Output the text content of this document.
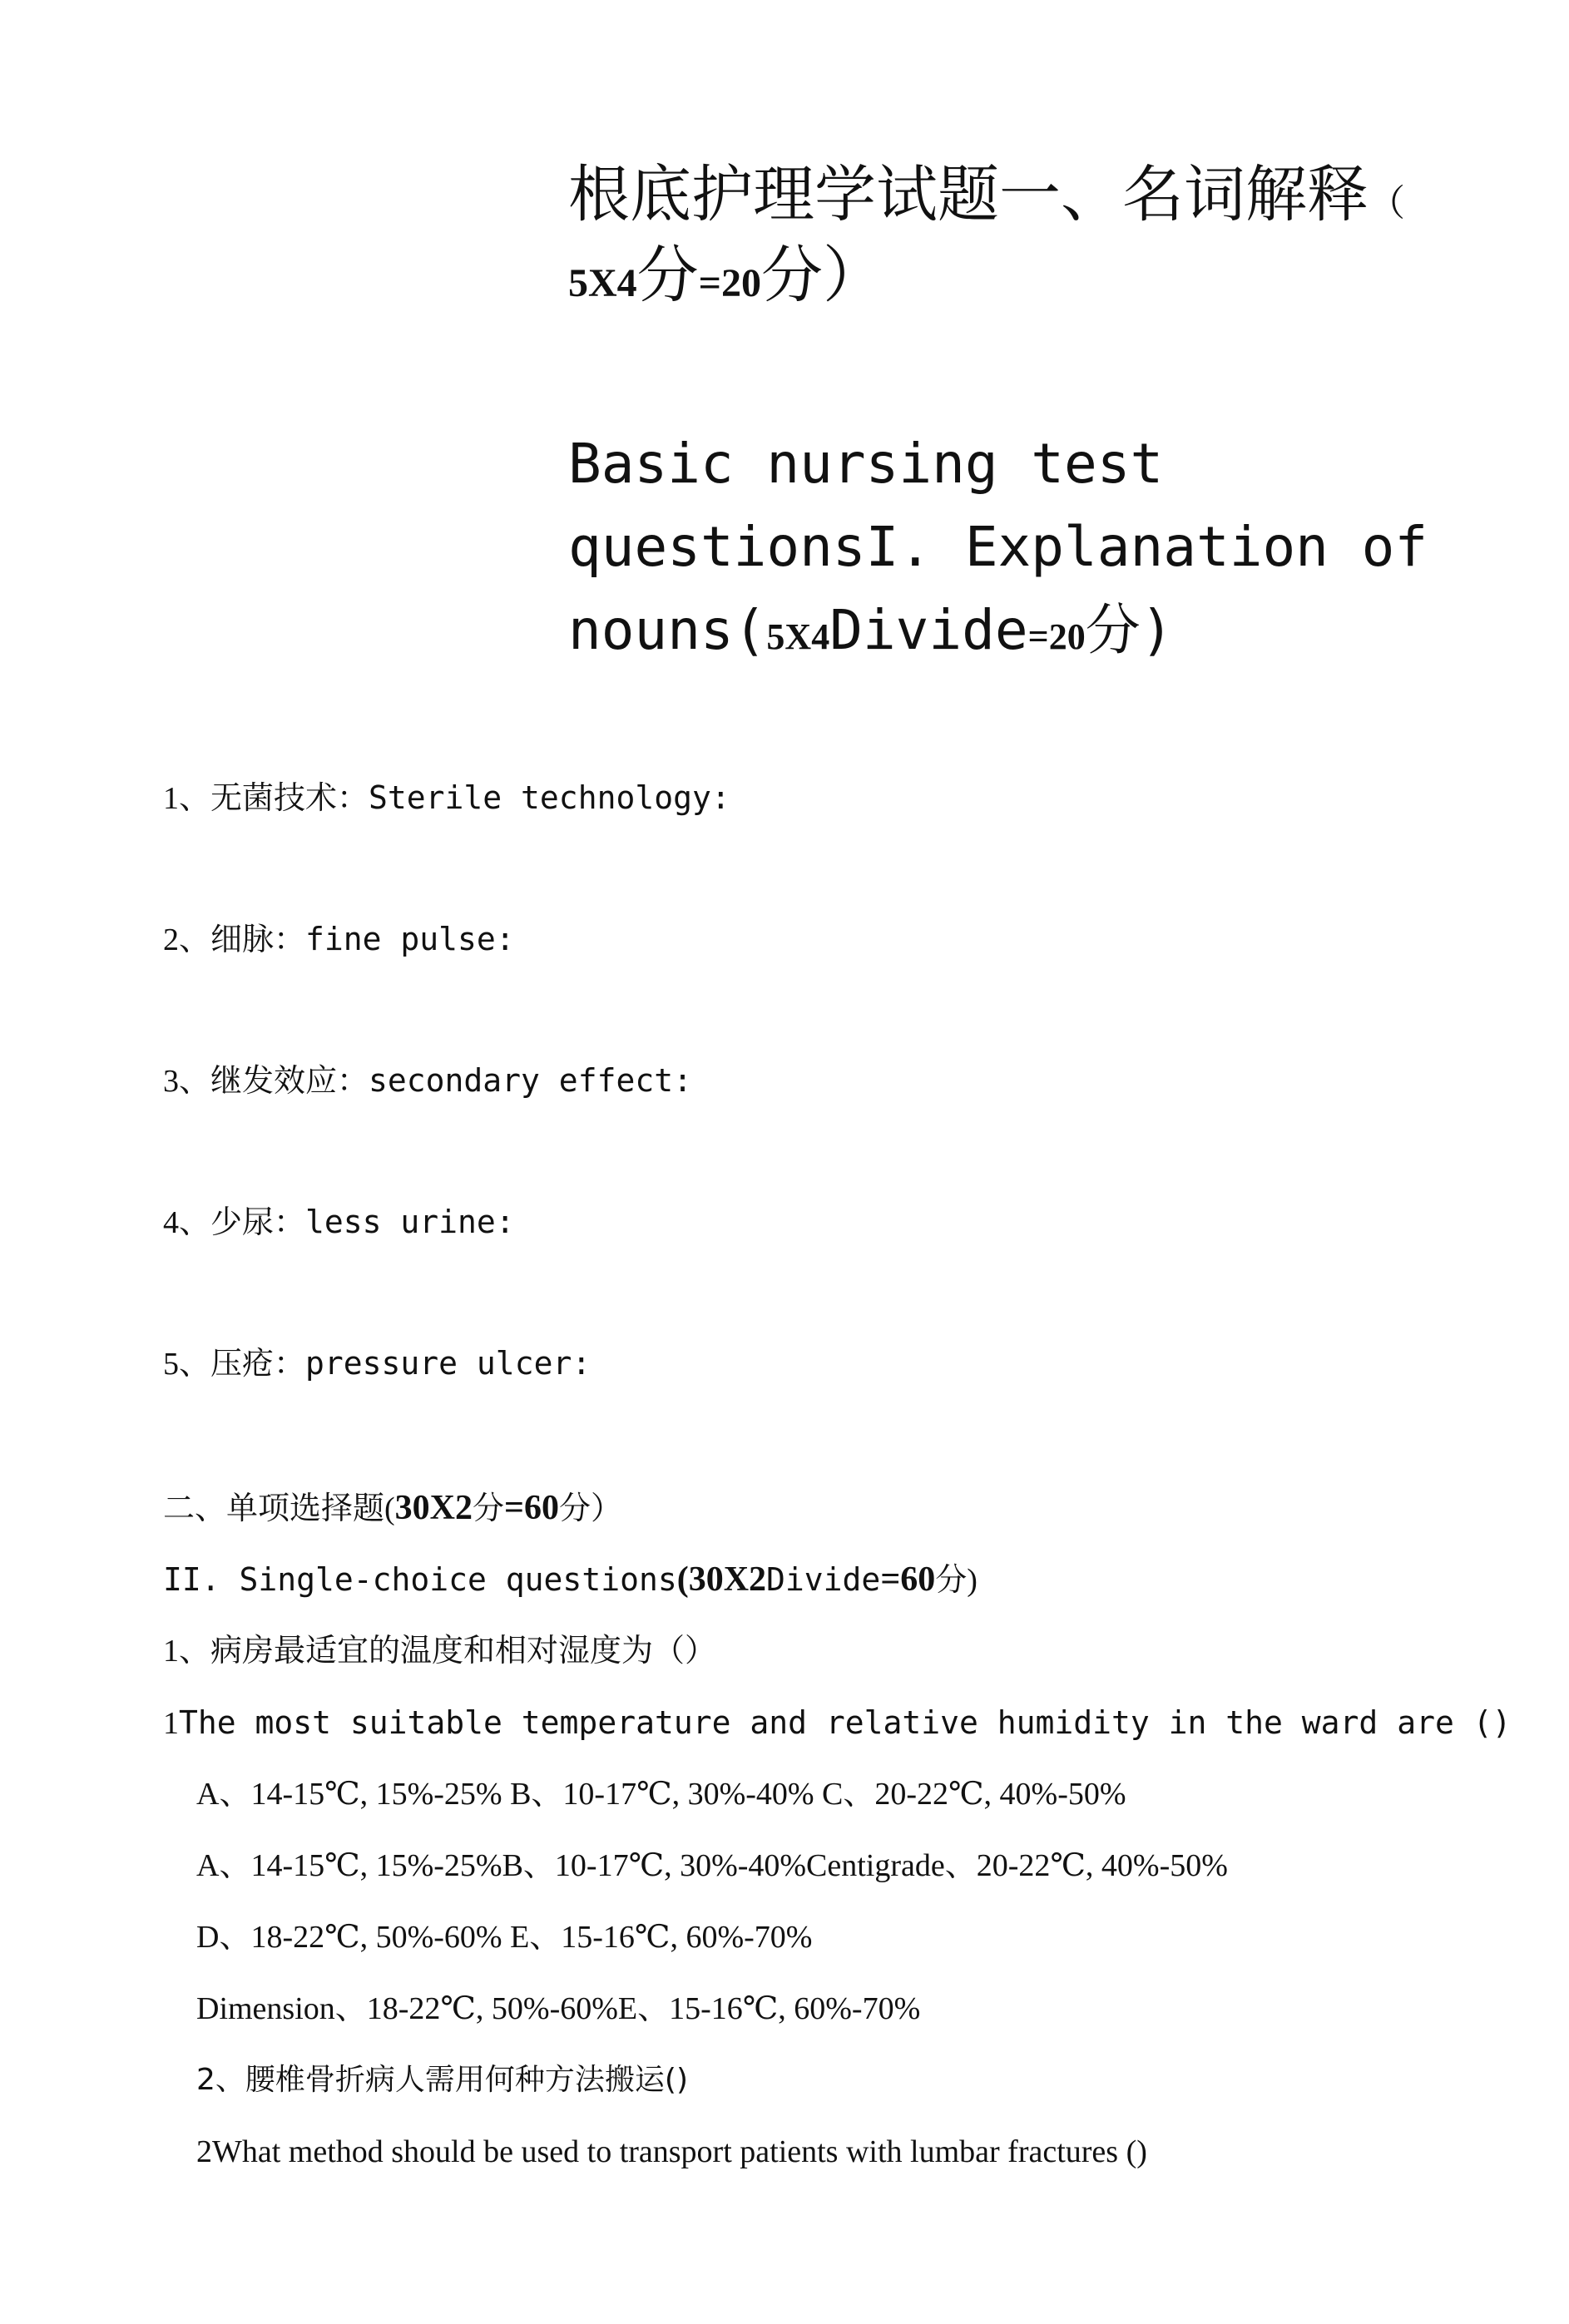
根底护理学试题一、名词解释（
5X4分=20分）
Basic nursing test
questionsI. Explanation of
nouns(5X4Divide=20分)
1、无菌技术：Sterile technology:
2、细脉：fine pulse:
3、继发效应：secondary effect:
4、少尿：less urine:
5、压疮：pressure ulcer:
二、单项选择题(30X2分=60分）
II. Single-choice questions(30X2Divide=60分)
1、病房最适宜的温度和相对湿度为（）
1The most suitable temperature and relative humidity in the ward are ()
A、14-15℃, 15%-25% B、10-17℃, 30%-40% C、20-22℃, 40%-50%
A、14-15℃, 15%-25%B、10-17℃, 30%-40%Centigrade、20-22℃, 40%-50%
D、18-22℃, 50%-60% E、15-16℃, 60%-70%
Dimension、18-22℃, 50%-60%E、15-16℃, 60%-70%
2、腰椎骨折病人需用何种方法搬运()
2What method should be used to transport patients with lumbar fractures ()
